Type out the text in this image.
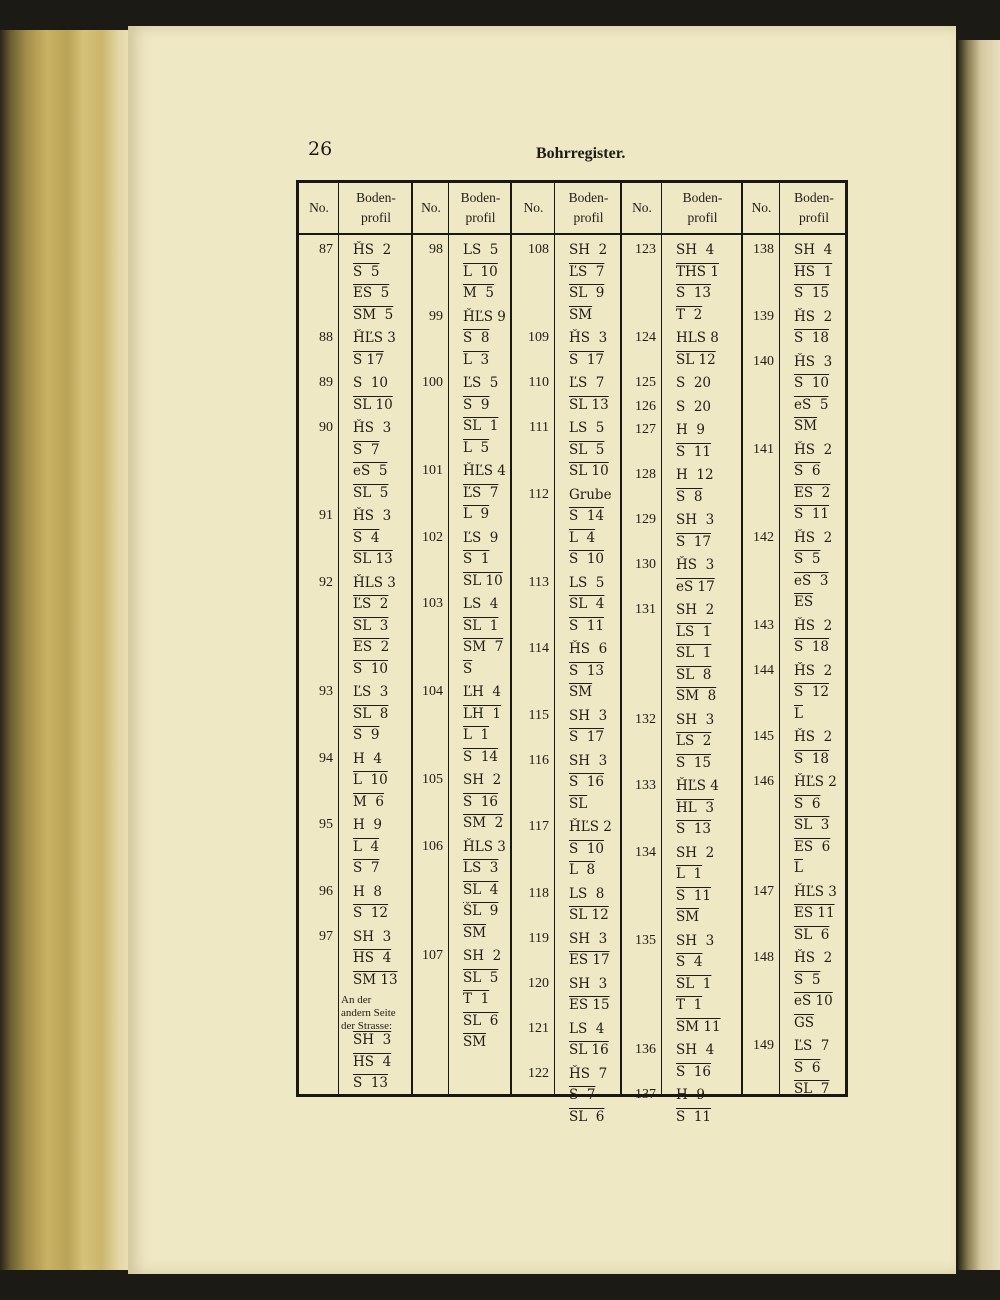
26	Bohrregister.
No.
Boden-
profil
87 ȞS  2
S  5
ES  5
SM  5
88 ȞĽS 3
S 17
89 S  10
SL 10
90 ȞS  3
S  7
eS  5
SL  5
91 ȞS  3
S  4
SL 13
92 ȞLS 3
ĽS  2
SL  3
ES  2
S  10
93 ĽS  3
SL  8
S  9
94 H  4
L  10
M  6
95 H  9
L  4
S  7
96 H  8
S  12
97 SH  3
HS  4
SM 13
An der
andern Seite
der Strasse:
SH  3
HS  4
S  13
No.
Boden-
profil
98 LS  5
L  10
M  5
99 ȞĽS 9
S  8
L  3
100 ĽS  5
S  9
SL  1
L  5
101 ȞĽS 4
ĽS  7
L  9
102 ĽS  9
S  1
SL 10
103 LS  4
SL  1
SM  7
$\overline{S}$
104 ĽH  4
LH  1
L  1
S  14
105 SH  2
S  16
SM  2
106 ȞLS 3
LS  3
SL  4
ŠL  9
$\overline{SM}$
107 SH  2
SL  5
T  1
SL  6
$\overline{SM}$
No.
Boden-
profil
108 SH  2
ĽS  7
SL  9
$\overline{SM}$
109 ȞS  3
S  17
110 ĽS  7
SL 13
111 LS  5
SL  5
SL 10
112 Grube
S  14
L  4
S  10
113 LS  5
SL  4
S  11
114 ȞS  6
S  13
$\overline{SM}$
115 SH  3
S  17
116 SH  3
S  16
$\overline{SL}$
117 ȞĽS 2
S  10
L  8
118 LS  8
SL 12
119 SH  3
ES 17
120 SH  3
ES 15
121 LS  4
SL 16
122 ȞS  7
S  7
SL  6
No.
Boden-
profil
123 SH  4
THS 1
S  13
T  2
124 HLS 8
SL 12
125 S  20
126 S  20
127 H  9
S  11
128 H  12
S  8
129 SH  3
S  17
130 ȞS  3
eS 17
131 SH  2
LS  1
SL  1
SL  8
SM  8
132 SH  3
LS  2
S  15
133 ȞĽS 4
HL  3
S  13
134 SH  2
L  1
S  11
$\overline{SM}$
135 SH  3
S  4
SL  1
T  1
SM 11
136 SH  4
S  16
137 H  9
S  11
No.
Boden-
profil
138 SH  4
HS  1
S  15
139 ȞS  2
S  18
140 ȞS  3
S  10
eS  5
$\overline{SM}$
141 ȞS  2
S  6
ES  2
S  11
142 ȞS  2
S  5
eS  3
$\overline{ES}$
143 ȞS  2
S  18
144 ȞS  2
S  12
$\overline{L}$
145 ȞS  2
S  18
146 ȞĽS 2
S  6
SL  3
ES  6
$\overline{L}$
147 ȞĽS 3
ES 11
SL  6
148 ȞS  2
S  5
eS 10
$\overline{GS}$
149 ĽS  7
S  6
SL  7
